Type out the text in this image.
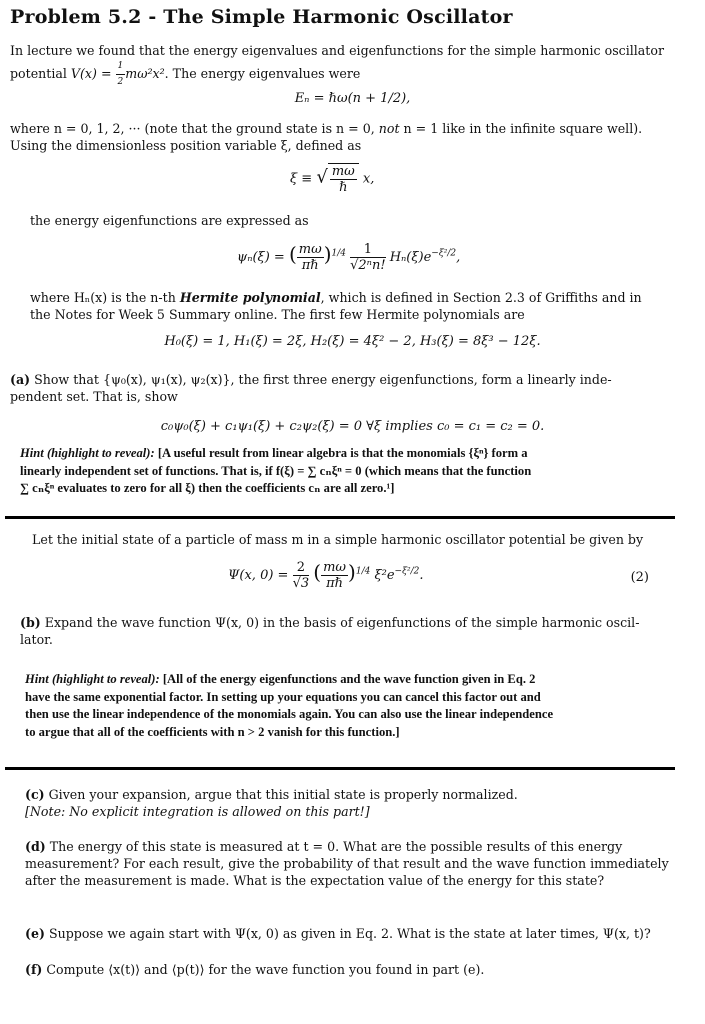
Problem 5.2 - The Simple Harmonic Oscillator
In lecture we found that the energy eigenvalues and eigenfunctions for the simple harmonic oscillator
potential $V(x) = \frac{1}{2} m\omega^2x^2$. The energy eigenvalues were
Eₙ = ℏω(n + 1/2),
where n = 0, 1, 2, ··· (note that the ground state is n = 0, not n = 1 like in the infinite square well).
Using the dimensionless position variable ξ, defined as
ξ ≡ √ $\frac{m\omega}{\text{ℏ}} x$,
the energy eigenfunctions are expressed as
ψₙ(ξ) = ( $\frac{m\omega}{\text{πℏ}} )^{1/4} \frac{1}{\text{√2ⁿn!}} H_n(\xi)e^{-\xi^2/2}$,
where Hₙ(x) is the n-th Hermite polynomial, which is defined in Section 2.3 of Griffiths and in
the Notes for Week 5 Summary online. The first few Hermite polynomials are
H₀(ξ) = 1, H₁(ξ) = 2ξ, H₂(ξ) = 4ξ² − 2, H₃(ξ) = 8ξ³ − 12ξ.
(a) Show that {ψ₀(x), ψ₁(x), ψ₂(x)}, the first three energy eigenfunctions, form a linearly inde-
pendent set. That is, show
c₀ψ₀(ξ) + c₁ψ₁(ξ) + c₂ψ₂(ξ) = 0 ∀ξ implies c₀ = c₁ = c₂ = 0.
Hint (highlight to reveal): [A useful result from linear algebra is that the monomials {ξⁿ} form a
linearly independent set of functions. That is, if f(ξ) = ∑ cₙξⁿ = 0 (which means that the function
∑ cₙξⁿ evaluates to zero for all ξ) then the coefficients cₙ are all zero.¹]
Let the initial state of a particle of mass m in a simple harmonic oscillator potential be given by
Ψ(x, $0) = \frac{2}{√3}$ ( $\frac{m\omega}{\text{πℏ}} )^{1/4}$ $\xi^2e^{-\xi^2/2}$.	(2)
(b) Expand the wave function Ψ(x, 0) in the basis of eigenfunctions of the simple harmonic oscil-
lator.
Hint (highlight to reveal): [All of the energy eigenfunctions and the wave function given in Eq. 2
have the same exponential factor. In setting up your equations you can cancel this factor out and
then use the linear independence of the monomials again. You can also use the linear independence
to argue that all of the coefficients with n > 2 vanish for this function.]
(c) Given your expansion, argue that this initial state is properly normalized.
[Note: No explicit integration is allowed on this part!]
(d) The energy of this state is measured at t = 0. What are the possible results of this energy
measurement? For each result, give the probability of that result and the wave function immediately
after the measurement is made. What is the expectation value of the energy for this state?
(e) Suppose we again start with Ψ(x, 0) as given in Eq. 2. What is the state at later times, Ψ(x, t)?
(f) Compute ⟨x(t)⟩ and ⟨p(t)⟩ for the wave function you found in part (e).
